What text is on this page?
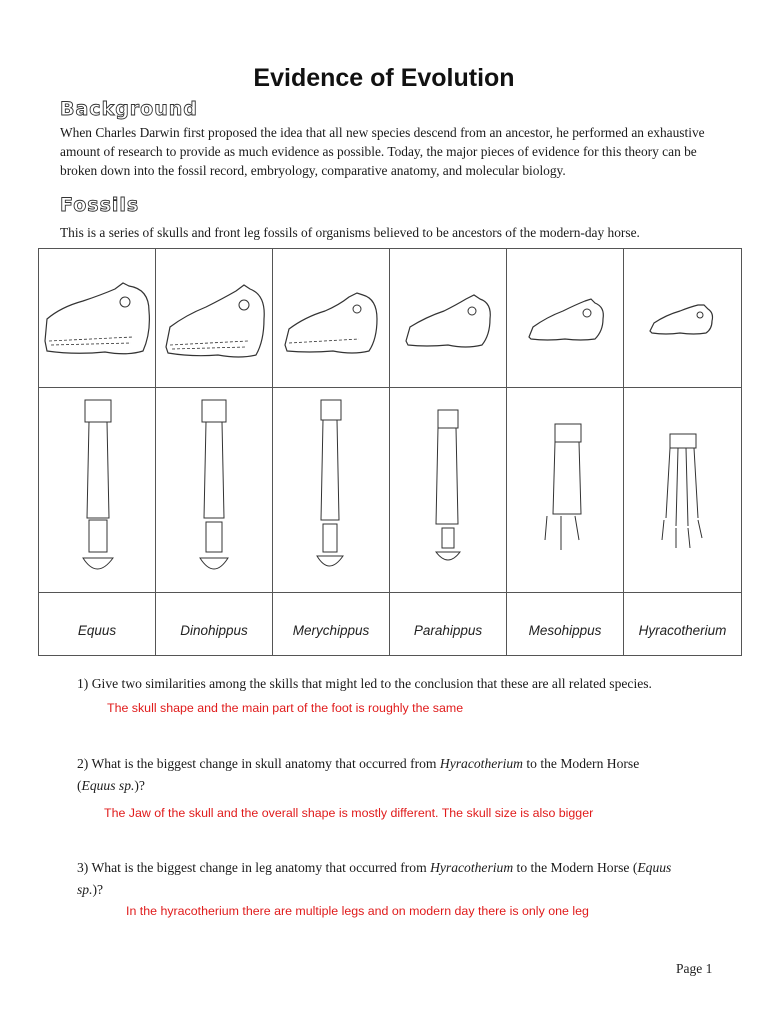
Evidence of Evolution
Background
When Charles Darwin first proposed the idea that all new species descend from an ancestor, he performed an exhaustive amount of research to provide as much evidence as possible. Today, the major pieces of evidence for this theory can be broken down into the fossil record, embryology, comparative anatomy, and molecular biology.
Fossils
This is a series of skulls and front leg fossils of organisms believed to be ancestors of the modern-day horse.
Equus	Dinohippus	Merychippus	Parahippus	Mesohippus	Hyracotherium
1) Give two similarities among the skills that might led to the conclusion that these are all related species.
The skull shape and the main part of the foot is roughly the same
2) What is the biggest change in skull anatomy that occurred from Hyracotherium to the Modern Horse
(Equus sp.)?
The Jaw of the skull and the overall shape is mostly different. The skull size is also bigger
3) What is the biggest change in leg anatomy that occurred from Hyracotherium to the Modern Horse (Equus
sp.)?
In the hyracotherium there are multiple legs and on modern day there is only one leg
Page 1
